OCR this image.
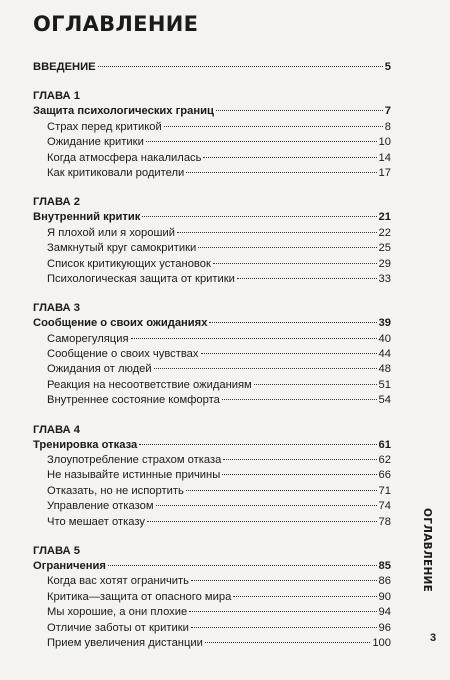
ОГЛАВЛЕНИЕ
ВВЕДЕНИЕ	5
ГЛАВА 1
Защита психологических границ	7
Страх перед критикой	8
Ожидание критики	10
Когда атмосфера накалилась	14
Как критиковали родители	17
ГЛАВА 2
Внутренний критик	21
Я плохой или я хороший	22
Замкнутый круг самокритики	25
Список критикующих установок	29
Психологическая защита от критики	33
ГЛАВА 3
Сообщение о своих ожиданиях	39
Саморегуляция	40
Сообщение о своих чувствах	44
Ожидания от людей	48
Реакция на несоответствие ожиданиям	51
Внутреннее состояние комфорта	54
ГЛАВА 4
Тренировка отказа	61
Злоупотребление страхом отказа	62
Не называйте истинные причины	66
Отказать, но не испортить	71
Управление отказом	74
Что мешает отказу	78
ГЛАВА 5
Ограничения	85
Когда вас хотят ограничить	86
Критика—защита от опасного мира	90
Мы хорошие, а они плохие	94
Отличие заботы от критики	96
Прием увеличения дистанции	100
ОГЛАВЛЕНИЕ
3
